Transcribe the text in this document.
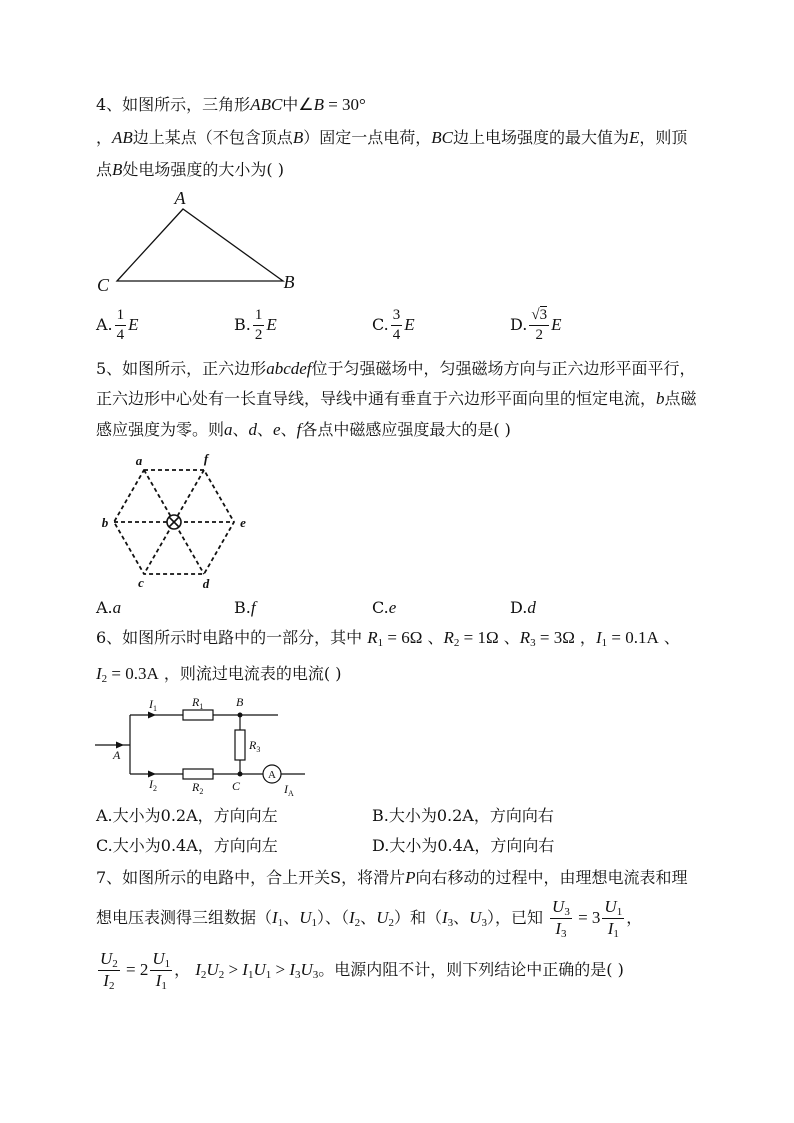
4、如图所示，三角形ABC中∠B = 30°
，AB边上某点（不包含顶点B）固定一点电荷，BC边上电场强度的最大值为E，则顶
点B处电场强度的大小为( )
A
C	B
A. $\frac{1}{4}$ E	B. $\frac{1}{2}$ E	C. $\frac{3}{4}$ E	D. $\frac{√3}{2}$ E
5、如图所示，正六边形abcdef位于匀强磁场中，匀强磁场方向与正六边形平面平行，
正六边形中心处有一长直导线，导线中通有垂直于六边形平面向里的恒定电流，b点磁
感应强度为零。则a、d、e、f各点中磁感应强度最大的是( )
a	f
b	e
c	d
A.a	B.f	C.e	D.d
6、如图所示时电路中的一部分，其中 $R_1 = 6\Omega$ 、$R_2 = 1\Omega$ 、$R_3 = 3\Omega$ ，$I_1 = 0.1A$ 、
$I_2 = 0.3A$ ，则流过电流表的电流( )
A
$I_1$	$R_1$	B
$R_3$
A
$I_2$	$R_2$ C	$I_A$
A.大小为0.2A，方向向左	B.大小为0.2A，方向向右
C.大小为0.4A，方向向左	D.大小为0.4A，方向向右
7、如图所示的电路中，合上开关S，将滑片P向右移动的过程中，由理想电流表和理
想电压表测得三组数据（$I_1$、$U_1$）、（$I_2$、$U_2$）和（$I_3$、$U_3$），已知 $\frac{U_3}{I_3} = 3 \frac{U_1}{I_1}$ ，
$\frac{U_2}{I_2} = 2 \frac{U_1}{I_1}$ ， $I_2U_2 > I_1U_1 > I_3U_3$。电源内阻不计，则下列结论中正确的是( )
